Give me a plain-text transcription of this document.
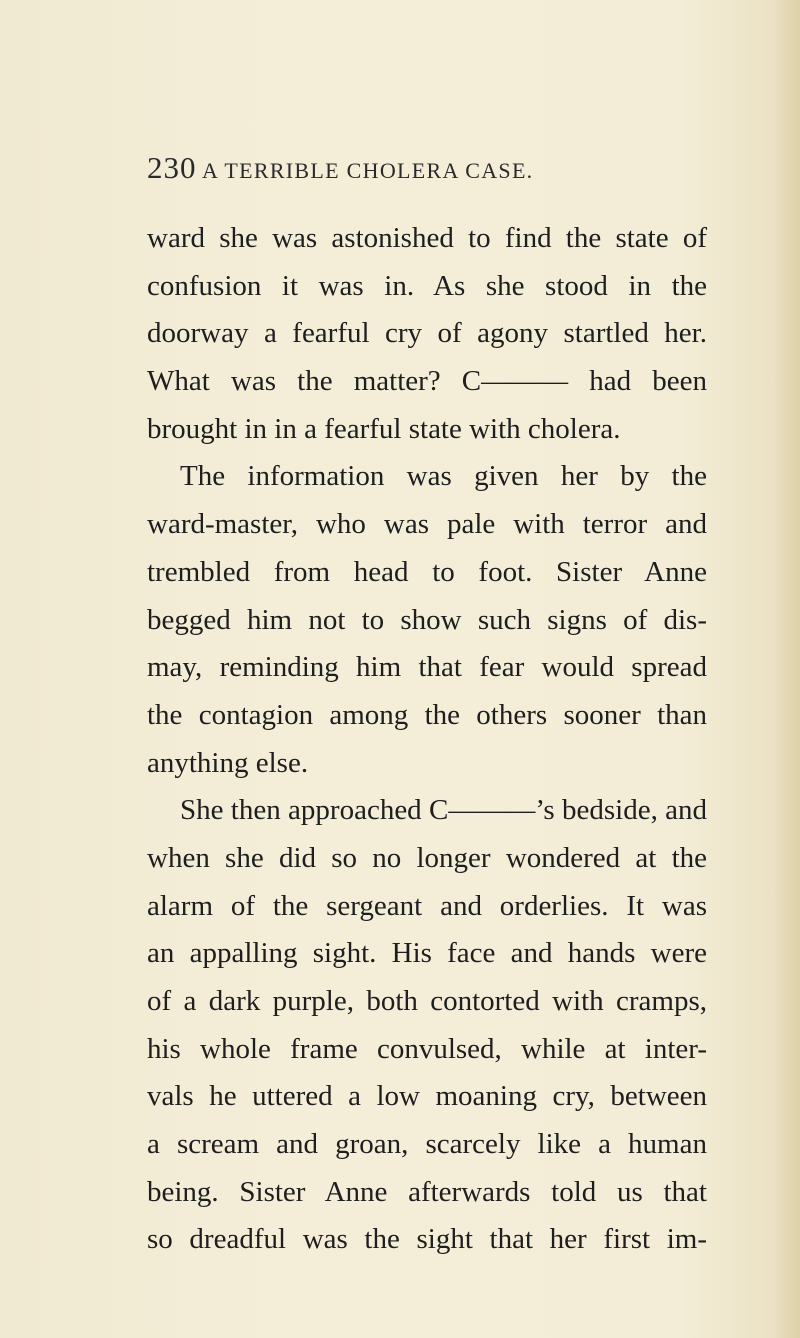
230 A TERRIBLE CHOLERA CASE.
ward she was astonished to find the state of
confusion it was in. As she stood in the
doorway a fearful cry of agony startled her.
What was the matter? C——— had been
brought in in a fearful state with cholera.
The information was given her by the
ward-master, who was pale with terror and
trembled from head to foot. Sister Anne
begged him not to show such signs of dis-
may, reminding him that fear would spread
the contagion among the others sooner than
anything else.
She then approached C———’s bedside, and
when she did so no longer wondered at the
alarm of the sergeant and orderlies. It was
an appalling sight. His face and hands were
of a dark purple, both contorted with cramps,
his whole frame convulsed, while at inter-
vals he uttered a low moaning cry, between
a scream and groan, scarcely like a human
being. Sister Anne afterwards told us that
so dreadful was the sight that her first im-
